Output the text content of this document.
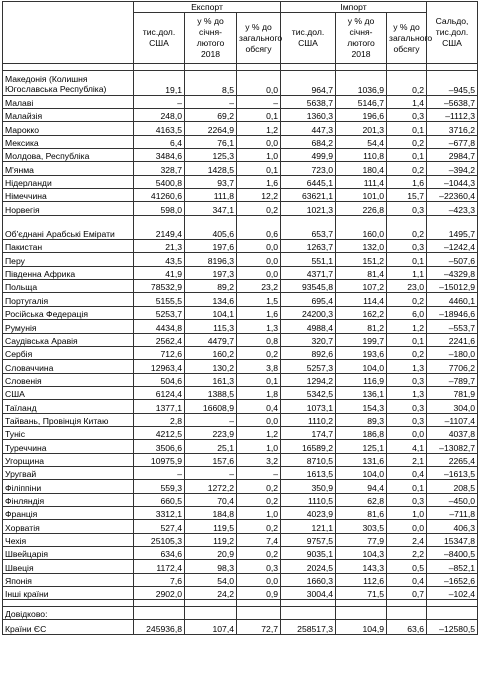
	Експорт			Імпорт			Сальдо, тис.дол. США
	тис.дол. США	у % до січня-лютого 2018	у % до загального обсягу	тис.дол. США	у % до січня-лютого 2018	у % до загального обсягу	

Македонія (Колишня Югославська Республіка)	19,1	8,5	0,0	964,7	1036,9	0,2	–945,5
Малаві	–	–	–	5638,7	5146,7	1,4	–5638,7
Малайзія	248,0	69,2	0,1	1360,3	196,6	0,3	–1112,3
Марокко	4163,5	2264,9	1,2	447,3	201,3	0,1	3716,2
Мексика	6,4	76,1	0,0	684,2	54,4	0,2	–677,8
Молдова, Республіка	3484,6	125,3	1,0	499,9	110,8	0,1	2984,7
М'янма	328,7	1428,5	0,1	723,0	180,4	0,2	–394,2
Нідерланди	5400,8	93,7	1,6	6445,1	111,4	1,6	–1044,3
Німеччина	41260,6	111,8	12,2	63621,1	101,0	15,7	–22360,4
Норвегія	598,0	347,1	0,2	1021,3	226,8	0,3	–423,3
Об'єднані Арабські Емірати	2149,4	405,6	0,6	653,7	160,0	0,2	1495,7
Пакистан	21,3	197,6	0,0	1263,7	132,0	0,3	–1242,4
Перу	43,5	8196,3	0,0	551,1	151,2	0,1	–507,6
Південна Африка	41,9	197,3	0,0	4371,7	81,4	1,1	–4329,8
Польща	78532,9	89,2	23,2	93545,8	107,2	23,0	–15012,9
Португалія	5155,5	134,6	1,5	695,4	114,4	0,2	4460,1
Російська Федерація	5253,7	104,1	1,6	24200,3	162,2	6,0	–18946,6
Румунія	4434,8	115,3	1,3	4988,4	81,2	1,2	–553,7
Саудівська Аравія	2562,4	4479,7	0,8	320,7	199,7	0,1	2241,6
Сербія	712,6	160,2	0,2	892,6	193,6	0,2	–180,0
Словаччина	12963,4	130,2	3,8	5257,3	104,0	1,3	7706,2
Словенія	504,6	161,3	0,1	1294,2	116,9	0,3	–789,7
США	6124,4	1388,5	1,8	5342,5	136,1	1,3	781,9
Таїланд	1377,1	16608,9	0,4	1073,1	154,3	0,3	304,0
Тайвань, Провінція Китаю	2,8	–	0,0	1110,2	89,3	0,3	–1107,4
Туніс	4212,5	223,9	1,2	174,7	186,8	0,0	4037,8
Туреччина	3506,6	25,1	1,0	16589,2	125,1	4,1	–13082,7
Угорщина	10975,9	157,6	3,2	8710,5	131,6	2,1	2265,4
Уругвай	–	–	–	1613,5	104,0	0,4	–1613,5
Філіппіни	559,3	1272,2	0,2	350,9	94,4	0,1	208,5
Фінляндія	660,5	70,4	0,2	1110,5	62,8	0,3	–450,0
Франція	3312,1	184,8	1,0	4023,9	81,6	1,0	–711,8
Хорватія	527,4	119,5	0,2	121,1	303,5	0,0	406,3
Чехія	25105,3	119,2	7,4	9757,5	77,9	2,4	15347,8
Швейцарія	634,6	20,9	0,2	9035,1	104,3	2,2	–8400,5
Швеція	1172,4	98,3	0,3	2024,5	143,3	0,5	–852,1
Японія	7,6	54,0	0,0	1660,3	112,6	0,4	–1652,6
Інші країни	2902,0	24,2	0,9	3004,4	71,5	0,7	–102,4

Довідково:							
Країни ЄС	245936,8	107,4	72,7	258517,3	104,9	63,6	–12580,5
